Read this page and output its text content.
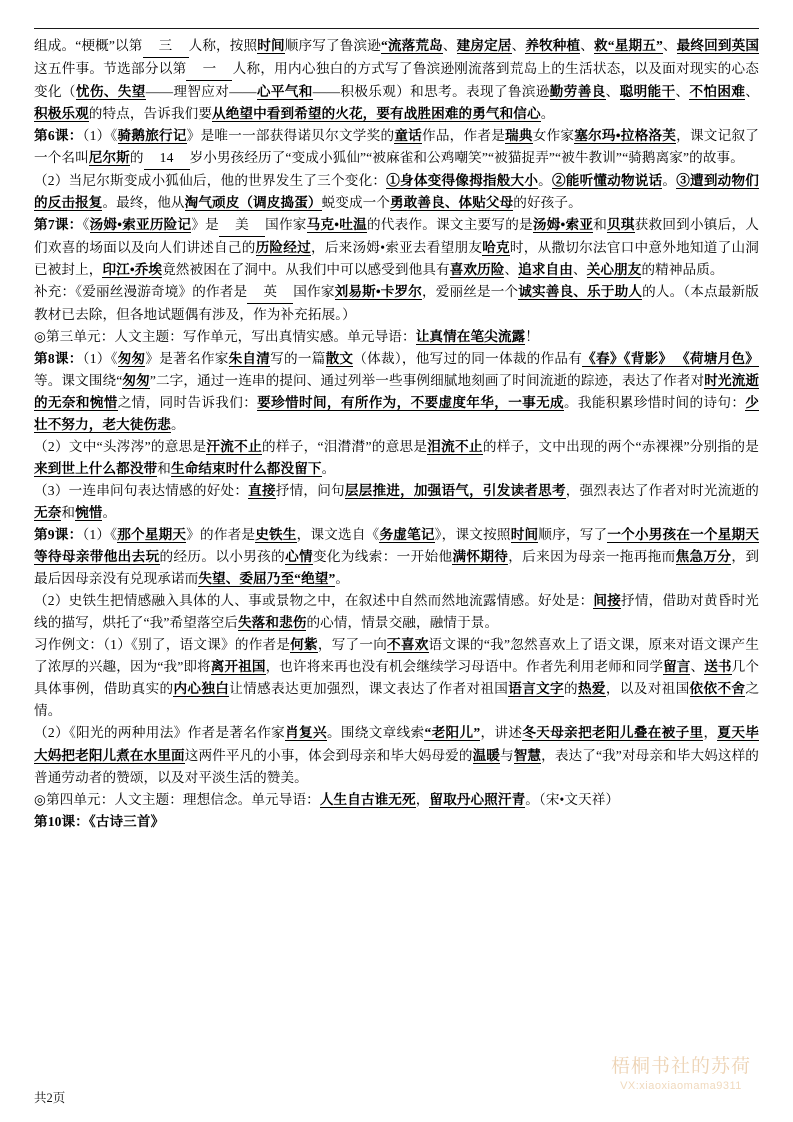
组成。“梗概”以第 三 人称，按照时间顺序写了鲁滨逊“流落荒岛、建房定居、养牧种植、救“星期五”、最终回到英国这五件事。节选部分以第 一 人称，用内心独白的方式写了鲁滨逊刚流落到荒岛上的生活状态，以及面对现实的心态变化（忧伤、失望——理智应对——心平气和——积极乐观）和思考。表现了鲁滨逊勤劳善良、聪明能干、不怕困难、积极乐观的特点，告诉我们要从绝望中看到希望的火花，要有战胜困难的勇气和信心。
第6课：（1）《骑鹅旅行记》是唯一一部获得诺贝尔文学奖的童话作品，作者是瑞典女作家塞尔玛•拉格洛芙，课文记叙了一个名叫尼尔斯的 14 岁小男孩经历了“变成小狐仙”“被麻雀和公鸡嘲笑”“被猫捉弄”“被牛教训”“骑鹅离家”的故事。
（2）当尼尔斯变成小狐仙后，他的世界发生了三个变化：①身体变得像拇指般大小。②能听懂动物说话。③遭到动物们的反击报复。最终，他从淘气顽皮（调皮捣蛋）蜕变成一个勇敢善良、体贴父母的好孩子。
第7课：《汤姆•索亚历险记》是 美 国作家马克•吐温的代表作。课文主要写的是汤姆•索亚和贝琪获救回到小镇后，人们欢喜的场面以及向人们讲述自己的历险经过，后来汤姆•索亚去看望朋友哈克时，从撒切尔法官口中意外地知道了山洞已被封上，印江•乔埃竟然被困在了洞中。从我们中可以感受到他具有喜欢历险、追求自由、关心朋友的精神品质。
补充：《爱丽丝漫游奇境》的作者是 英 国作家刘易斯•卡罗尔，爱丽丝是一个诚实善良、乐于助人的人。（本点最新版教材已去除，但各地试题偶有涉及，作为补充拓展。）
◎第三单元：人文主题：写作单元，写出真情实感。单元导语：让真情在笔尖流露！
第8课：（1）《匆匆》是著名作家朱自清写的一篇散文（体裁），他写过的同一体裁的作品有《春》《背影》 《荷塘月色》等。课文围绕“匆匆”二字，通过一连串的提问、通过列举一些事例细腻地刻画了时间流逝的踪迹，表达了作者对时光流逝的无奈和惋惜之情，同时告诉我们：要珍惜时间，有所作为，不要虚度年华，一事无成。我能积累珍惜时间的诗句：少壮不努力，老大徒伤悲。
（2）文中“头涔涔”的意思是汗流不止的样子，“泪潸潸”的意思是泪流不止的样子，文中出现的两个“赤裸裸”分别指的是来到世上什么都没带和生命结束时什么都没留下。
（3）一连串问句表达情感的好处：直接抒情，问句层层推进，加强语气，引发读者思考，强烈表达了作者对时光流逝的无奈和惋惜。
第9课：（1）《那个星期天》的作者是史铁生，课文选自《务虚笔记》，课文按照时间顺序，写了一个小男孩在一个星期天等待母亲带他出去玩的经历。以小男孩的心情变化为线索：一开始他满怀期待，后来因为母亲一拖再拖而焦急万分，到最后因母亲没有兑现承诺而失望、委屈乃至“绝望”。
（2）史铁生把情感融入具体的人、事或景物之中，在叙述中自然而然地流露情感。好处是：间接抒情，借助对黄昏时光线的描写，烘托了“我”希望落空后失落和悲伤的心情，情景交融，融情于景。
习作例文：（1）《别了，语文课》的作者是何紫，写了一向不喜欢语文课的“我”忽然喜欢上了语文课，原来对语文课产生了浓厚的兴趣，因为“我”即将离开祖国，也许将来再也没有机会继续学习母语中。作者先利用老师和同学留言、送书几个具体事例，借助真实的内心独白让情感表达更加强烈，课文表达了作者对祖国语言文字的热爱，以及对祖国依依不舍之情。
（2）《阳光的两种用法》作者是著名作家肖复兴。围绕文章线索“老阳儿”，讲述冬天母亲把老阳儿叠在被子里，夏天毕大妈把老阳儿煮在水里面这两件平凡的小事，体会到母亲和毕大妈母爱的温暖与智慧，表达了“我”对母亲和毕大妈这样的普通劳动者的赞颂，以及对平淡生活的赞美。
◎第四单元：人文主题：理想信念。单元导语：人生自古谁无死，留取丹心照汗青。（宋•文天祥）
第10课：《古诗三首》
共2页
梧桐书社的苏荷
VX:xiaoxiaomama9311
